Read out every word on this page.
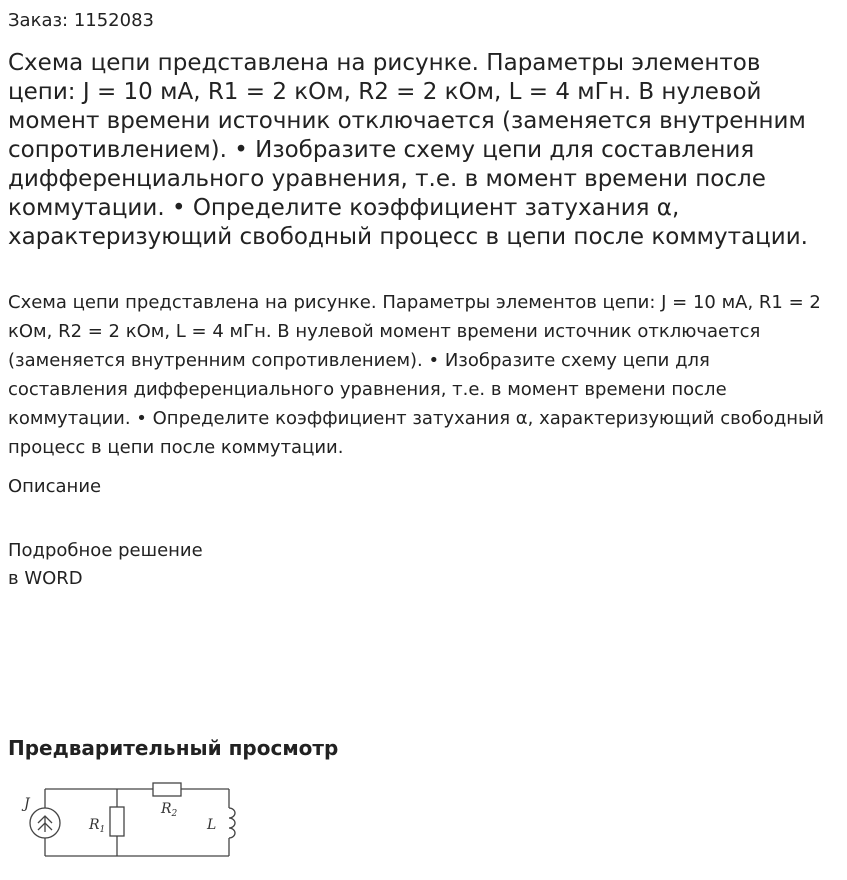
Заказ: 1152083
Схема цепи представлена на рисунке. Параметры элементов цепи: J = 10 мА, R1 = 2 кОм, R2 = 2 кОм, L = 4 мГн. В нулевой момент времени источник отключается (заменяется внутренним сопротивлением). • Изобразите схему цепи для составления дифференциального уравнения, т.е. в момент времени после коммутации. • Определите коэффициент затухания α, характеризующий свободный процесс в цепи после коммутации.

Схема цепи представлена на рисунке. Параметры элементов цепи: J = 10 мА, R1 = 2 кОм, R2 = 2 кОм, L = 4 мГн. В нулевой момент времени источник отключается (заменяется внутренним сопротивлением). • Изобразите схему цепи для составления дифференциального уравнения, т.е. в момент времени после коммутации. • Определите коэффициент затухания α, характеризующий свободный процесс в цепи после коммутации.

Описание
Подробное решение
в WORD
Предварительный просмотр
J
$R_1$
$R_2$
L
